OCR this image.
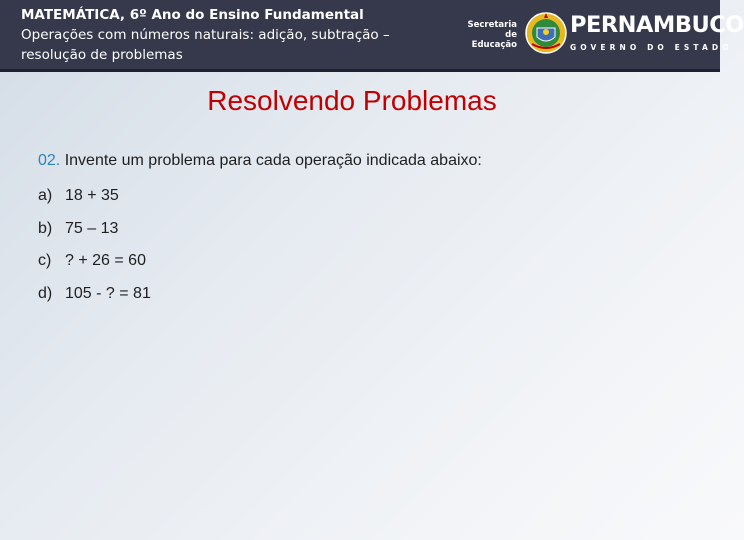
MATEMÁTICA, 6º Ano do Ensino Fundamental
Operações com números naturais: adição, subtração –
resolução de problemas
Secretaria de
Educação
PERNAMBUCO
GOVERNO DO ESTADO
Resolvendo Problemas
02. Invente um problema para cada operação indicada abaixo:
a) 18 + 35
b) 75 – 13
c) ? + 26 = 60
d) 105 - ? = 81
